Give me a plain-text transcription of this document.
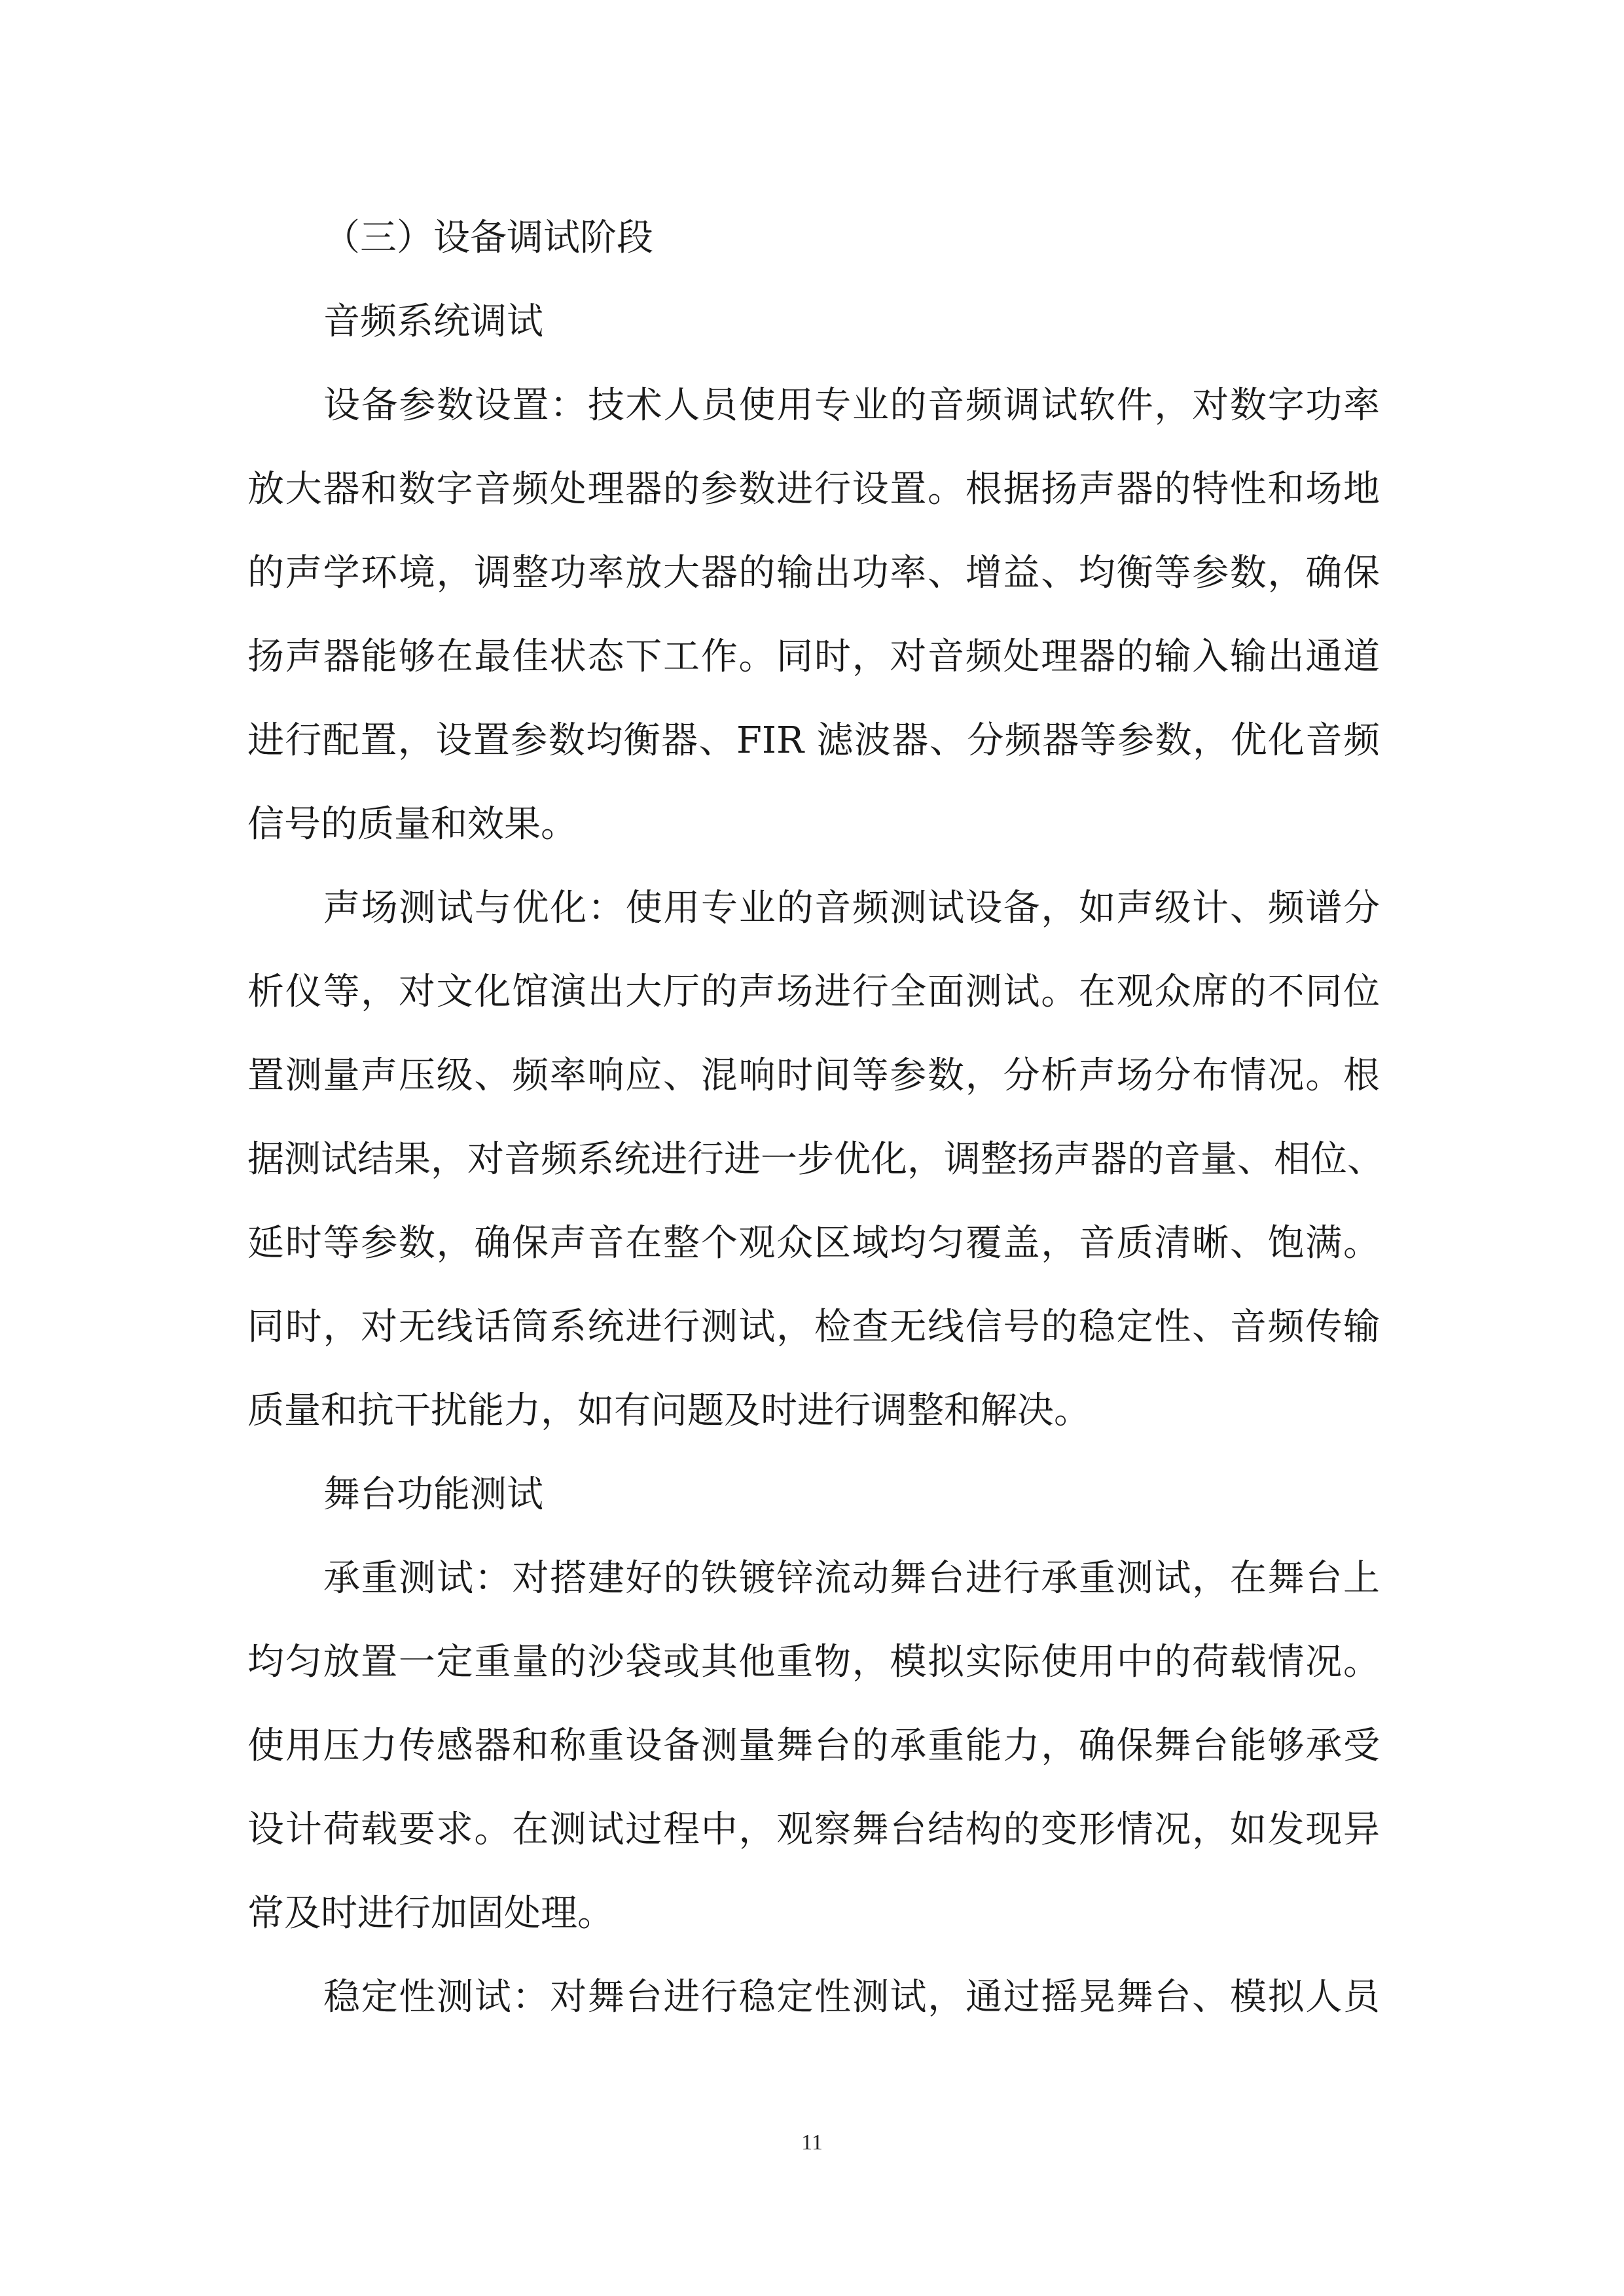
（三）设备调试阶段
音频系统调试
设备参数设置：技术人员使用专业的音频调试软件，对数字功率
放大器和数字音频处理器的参数进行设置。根据扬声器的特性和场地
的声学环境，调整功率放大器的输出功率、增益、均衡等参数，确保
扬声器能够在最佳状态下工作。同时，对音频处理器的输入输出通道
进行配置，设置参数均衡器、FIR 滤波器、分频器等参数，优化音频
信号的质量和效果。
声场测试与优化：使用专业的音频测试设备，如声级计、频谱分
析仪等，对文化馆演出大厅的声场进行全面测试。在观众席的不同位
置测量声压级、频率响应、混响时间等参数，分析声场分布情况。根
据测试结果，对音频系统进行进一步优化，调整扬声器的音量、相位、
延时等参数，确保声音在整个观众区域均匀覆盖，音质清晰、饱满。
同时，对无线话筒系统进行测试，检查无线信号的稳定性、音频传输
质量和抗干扰能力，如有问题及时进行调整和解决。
舞台功能测试
承重测试：对搭建好的铁镀锌流动舞台进行承重测试，在舞台上
均匀放置一定重量的沙袋或其他重物，模拟实际使用中的荷载情况。
使用压力传感器和称重设备测量舞台的承重能力，确保舞台能够承受
设计荷载要求。在测试过程中，观察舞台结构的变形情况，如发现异
常及时进行加固处理。
稳定性测试：对舞台进行稳定性测试，通过摇晃舞台、模拟人员
11
